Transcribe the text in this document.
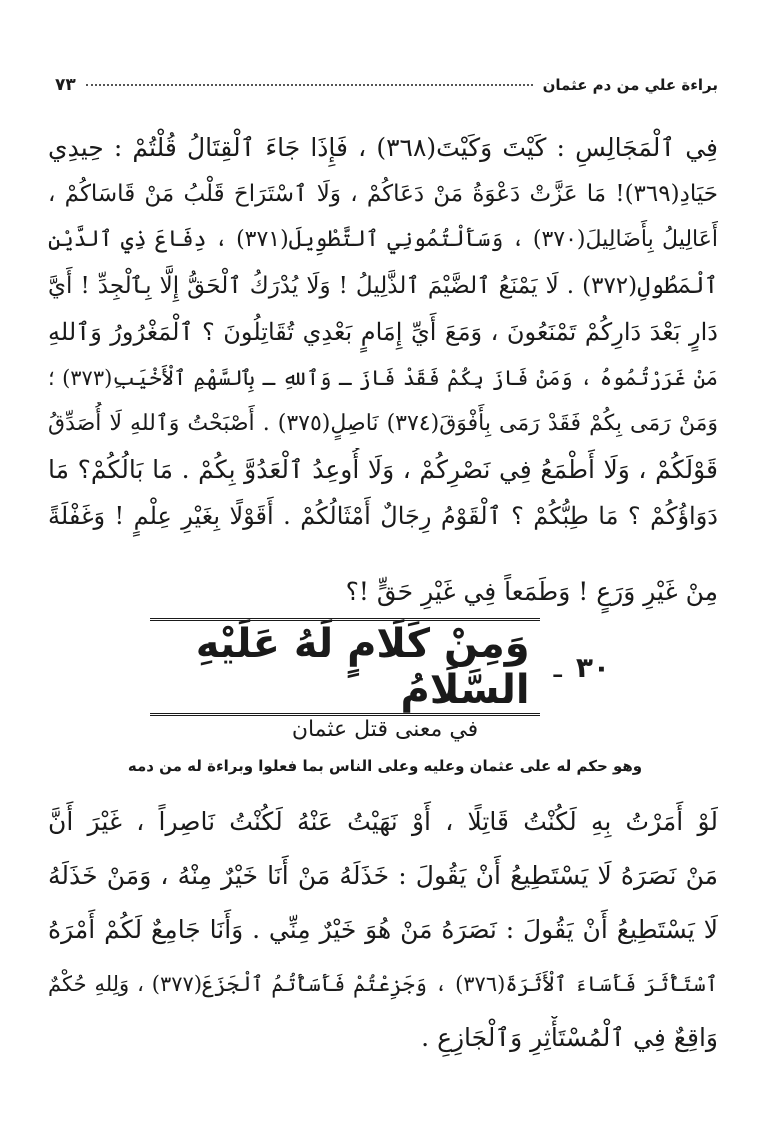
براءة علي من دم عثمان
٧٣
فِي ٱلْمَجَالِسِ : كَيْتَ وَكَيْتَ(٣٦٨) ، فَإِذَا جَاءَ ٱلْقِتَالُ قُلْتُمْ : حِيدِي
حَيَادِ(٣٦٩)! مَا عَزَّتْ دَعْوَةُ مَنْ دَعَاكُمْ ، وَلَا ٱسْتَرَاحَ قَلْبُ مَنْ قَاسَاكُمْ ،
أَعَالِيلُ بِأَضَالِيلَ(٣٧٠) ، وَسَأَلْتُمُونِي ٱلتَّطْوِيلَ(٣٧١) ، دِفَاعَ ذِي ٱلدَّيْنِ
ٱلْمَطُولِ(٣٧٢) . لَا يَمْنَعُ ٱلضَّيْمَ ٱلذَّلِيلُ ! وَلَا يُدْرَكُ ٱلْحَقُّ إِلَّا بِٱلْجِدِّ ! أَيَّ
دَارٍ بَعْدَ دَارِكُمْ تَمْنَعُونَ ، وَمَعَ أَيِّ إِمَامٍ بَعْدِي تُقَاتِلُونَ ؟ ٱلْمَغْرُورُ وَٱللهِ
مَنْ غَرَرْتُمُوهُ ، وَمَنْ فَازَ بِكُمْ فَقَدْ فَازَ ـ وَٱللهِ ـ بِٱلسَّهْمِ ٱلْأَخْيَبِ(٣٧٣) ؛
وَمَنْ رَمَى بِكُمْ فَقَدْ رَمَى بِأَفْوَقَ(٣٧٤) نَاصِلٍ(٣٧٥) . أَصْبَحْتُ وَٱللهِ لَا أُصَدِّقُ
قَوْلَكُمْ ، وَلَا أَطْمَعُ فِي نَصْرِكُمْ ، وَلَا أُوعِدُ ٱلْعَدُوَّ بِكُمْ . مَا بَالُكُمْ؟ مَا
دَوَاؤُكُمْ ؟ مَا طِبُّكُمْ ؟ ٱلْقَوْمُ رِجَالٌ أَمْثَالُكُمْ . أَقَوْلًا بِغَيْرِ عِلْمٍ ! وَغَفْلَةً
مِنْ غَيْرِ وَرَعٍ ! وَطَمَعاً فِي غَيْرِ حَقٍّ !؟
٣٠
ـ
وَمِنْ كَلَامٍ لَهُ عَلَيْهِ السَّلَامُ
في معنى قتل عثمان
وهو حكم له على عثمان وعليه وعلى الناس بما فعلوا وبراءة له من دمه
لَوْ أَمَرْتُ بِهِ لَكُنْتُ قَاتِلًا ، أَوْ نَهَيْتُ عَنْهُ لَكُنْتُ نَاصِراً ، غَيْرَ أَنَّ
مَنْ نَصَرَهُ لَا يَسْتَطِيعُ أَنْ يَقُولَ : خَذَلَهُ مَنْ أَنَا خَيْرٌ مِنْهُ ، وَمَنْ خَذَلَهُ
لَا يَسْتَطِيعُ أَنْ يَقُولَ : نَصَرَهُ مَنْ هُوَ خَيْرٌ مِنِّي . وَأَنَا جَامِعٌ لَكُمْ أَمْرَهُ
ٱسْتَأْثَرَ فَأَسَاءَ ٱلْأَثَرَةَ(٣٧٦) ، وَجَزِعْتُمْ فَأَسَأْتُمُ ٱلْجَزَعَ(٣٧٧) ، وَلِلهِ حُكْمٌ
وَاقِعٌ فِي ٱلْمُسْتَأْثِرِ وَٱلْجَازِعِ .
